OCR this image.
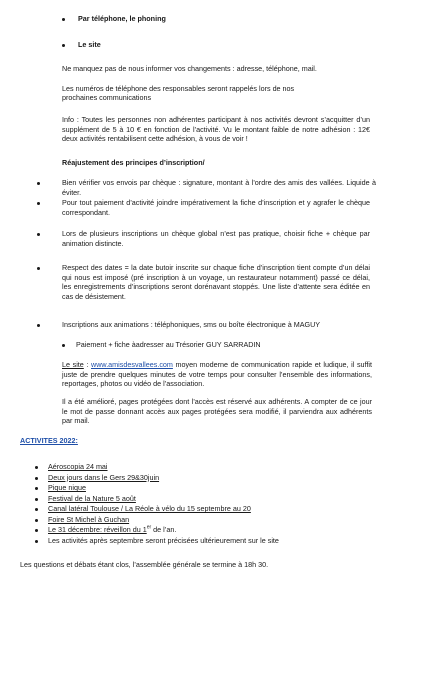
Par téléphone, le phoning
Le site
Ne manquez pas de nous informer vos changements : adresse, téléphone, mail.
Les numéros de téléphone des responsables seront rappelés lors de nos
prochaines communications
Info : Toutes les personnes non adhérentes participant à nos activités devront s’acquitter d’un supplément de 5 à 10 € en fonction de l’activité. Vu le montant faible de notre adhésion : 12€ deux activités rentabilisent cette adhésion, à vous de voir !
Réajustement des principes d’inscription/
Bien vérifier vos envois par chèque : signature, montant à l’ordre des amis des vallées. Liquide à éviter.
Pour tout paiement d’activité joindre impérativement la fiche d’inscription et y agrafer le chèque correspondant.
Lors de plusieurs inscriptions un chèque global n’est pas pratique, choisir fiche + chèque par animation distincte.
Respect des dates = la date butoir inscrite sur chaque fiche d’inscription tient compte d’un délai qui nous est imposé (pré inscription à un voyage, un restaurateur notamment) passé ce délai, les enregistrements d’inscriptions seront dorénavant stoppés. Une liste d’attente sera éditée en cas de désistement.
Inscriptions aux animations : téléphoniques, sms ou boîte électronique à MAGUY
Paiement + fiche àadresser au Trésorier GUY SARRADIN
Le site : www.amisdesvallees.com moyen moderne de communication rapide et ludique, il suffit juste de prendre quelques minutes de votre temps pour consulter l’ensemble des informations, reportages, photos ou vidéo de l’association.
Il a été amélioré, pages protégées dont l’accès est réservé aux adhérents. A compter de ce jour le mot de passe donnant accès aux pages protégées sera modifié, il parviendra aux adhérents par mail.
ACTIVITES 2022:
Aéroscopia 24 mai
Deux jours dans le Gers 29&30juin
Pique nique
Festival de la Nature 5 août
Canal latéral Toulouse / La Réole à vélo du 15 septembre au 20
Foire St Michel à Guchan
Le 31 décembre: réveillon du 1er de l’an.
Les activités après septembre seront précisées ultérieurement sur le site
Les questions et débats étant clos, l’assemblée générale se termine à 18h 30.
